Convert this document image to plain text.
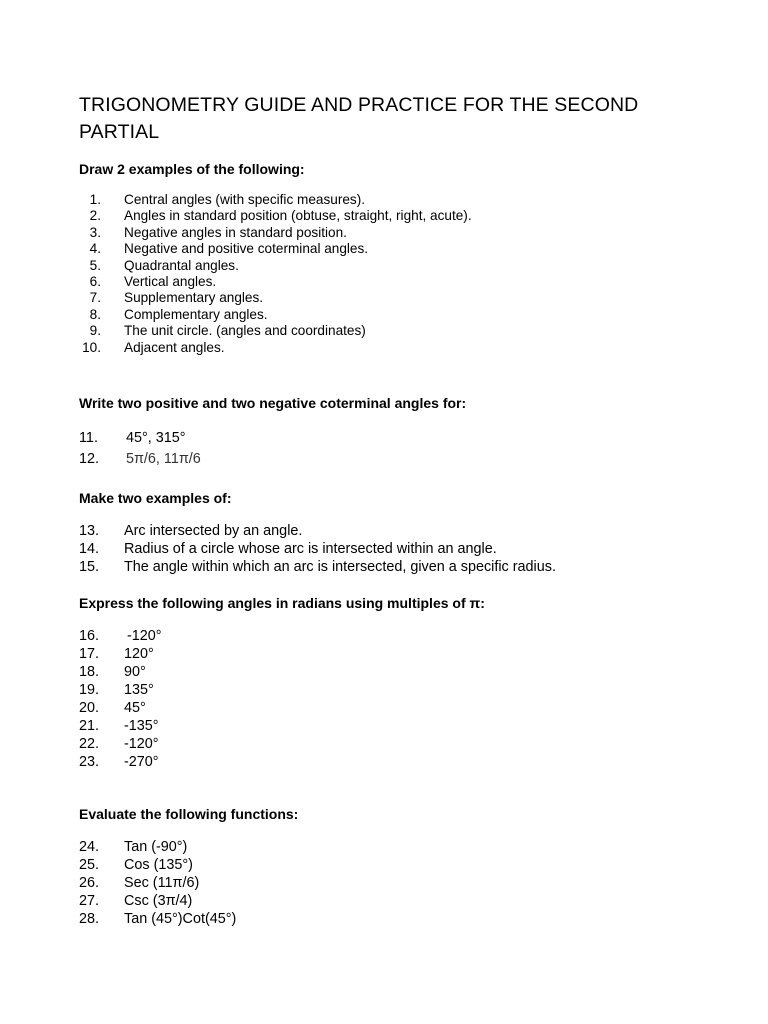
TRIGONOMETRY GUIDE AND PRACTICE FOR THE SECOND PARTIAL

Draw 2 examples of the following:

1. Central angles (with specific measures).
2. Angles in standard position (obtuse, straight, right, acute).
3. Negative angles in standard position.
4. Negative and positive coterminal angles.
5. Quadrantal angles.
6. Vertical angles.
7. Supplementary angles.
8. Complementary angles.
9. The unit circle. (angles and coordinates)
10. Adjacent angles.

Write two positive and two negative coterminal angles for:

11.	45°, 315°
12.	5π/6, 11π/6

Make two examples of:

13.	Arc intersected by an angle.
14.	Radius of a circle whose arc is intersected within an angle.
15.	The angle within which an arc is intersected, given a specific radius.

Express the following angles in radians using multiples of π:

16.	-120°
17.	120°
18.	90°
19.	135°
20.	45°
21.	-135°
22.	-120°
23.	-270°

Evaluate the following functions:

24.	Tan (-90°)
25.	Cos (135°)
26.	Sec (11π/6)
27.	Csc (3π/4)
28.	Tan (45°)Cot(45°)
